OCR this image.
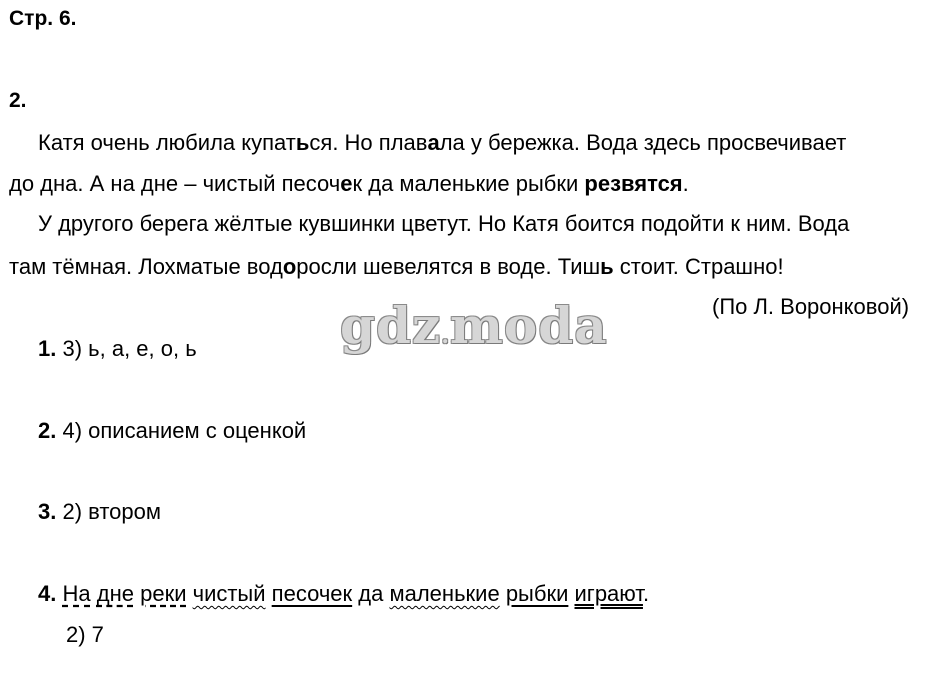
Стр. 6.
2.
Катя очень любила купаться. Но плавала у бережка. Вода здесь просвечивает
до дна. А на дне – чистый песочек да маленькие рыбки резвятся.
У другого берега жёлтые кувшинки цветут. Но Катя боится подойти к ним. Вода
там тёмная. Лохматые водоросли шевелятся в воде. Тишь стоит. Страшно!
(По Л. Воронковой)
gdz.moda
1. 3) ь, а, е, о, ь
2. 4) описанием с оценкой
3. 2) втором
4. На дне реки чистый песочек да маленькие рыбки играют.
2) 7
